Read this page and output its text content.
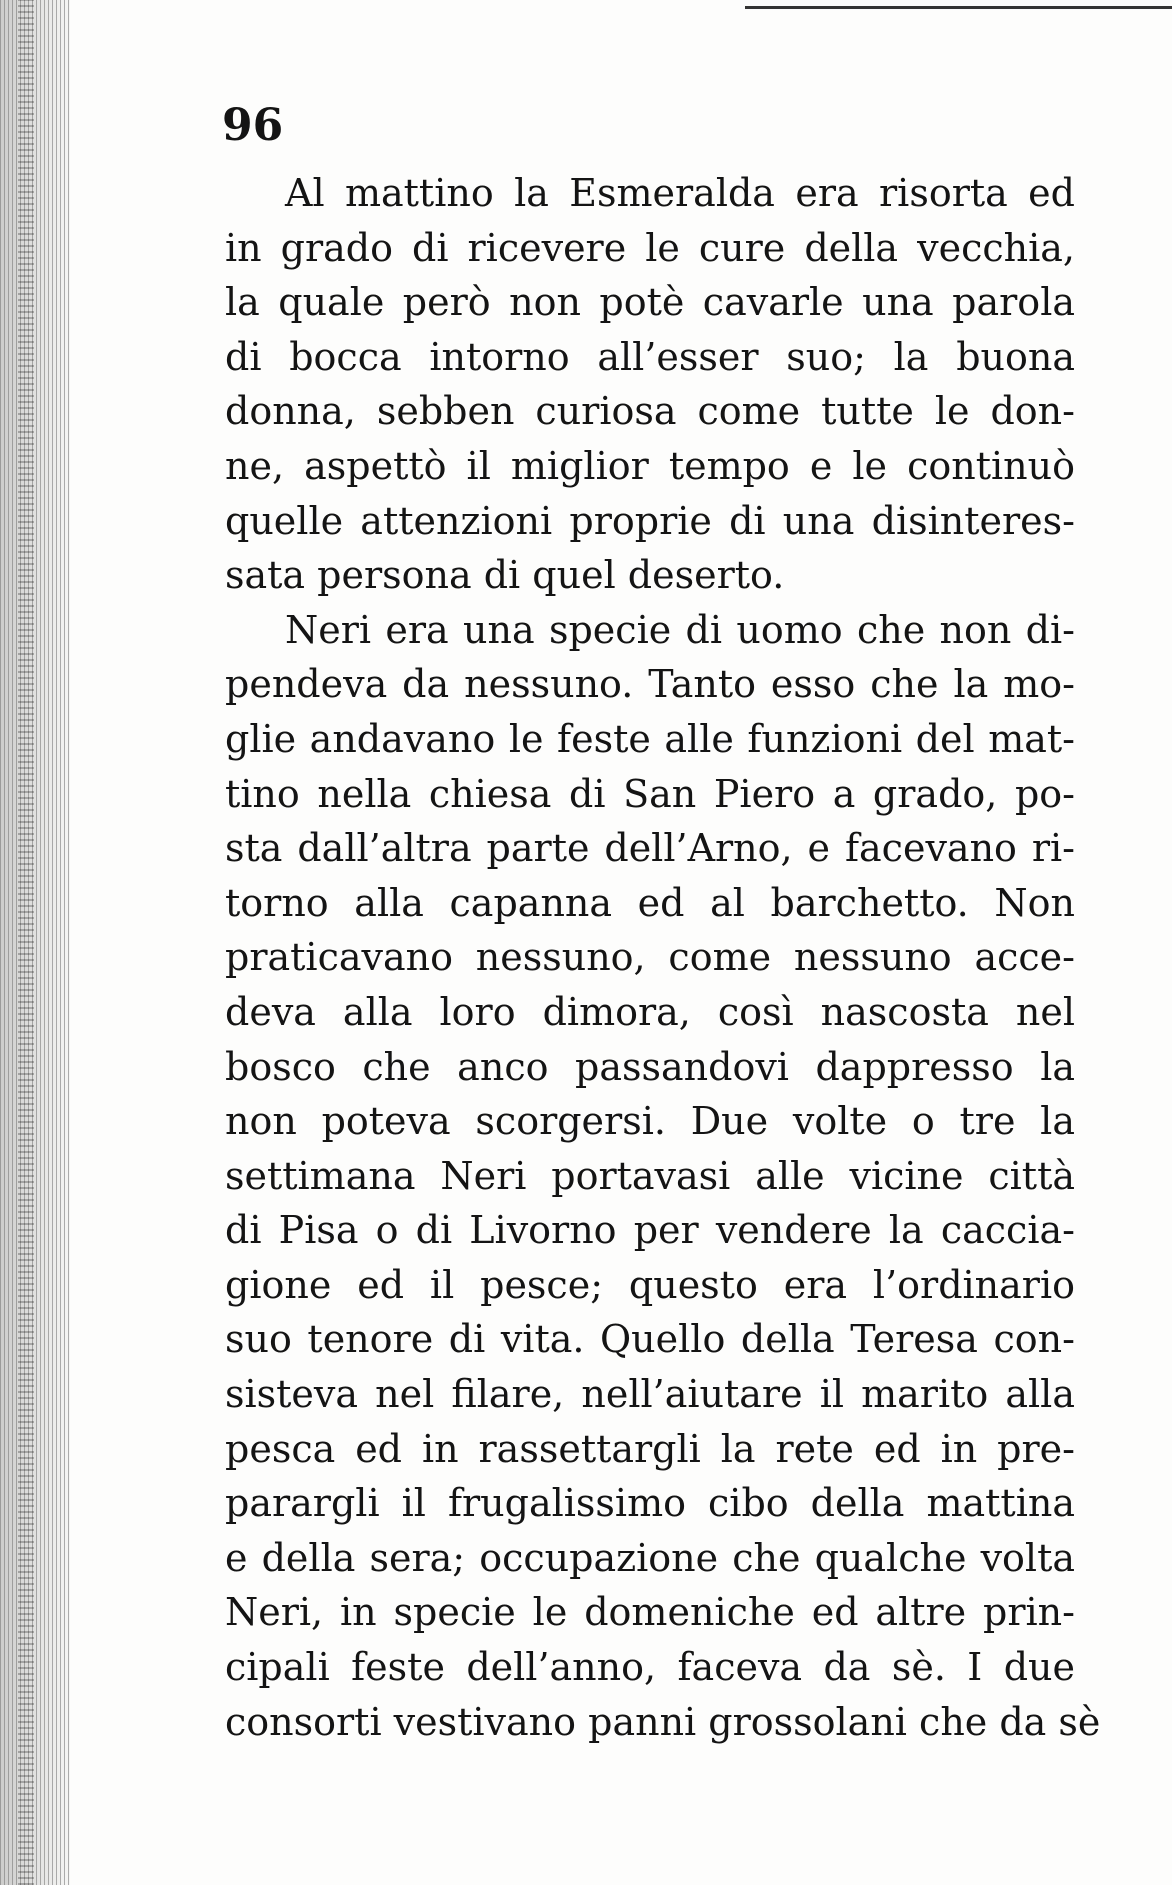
96

Al mattino la Esmeralda era risorta ed
in grado di ricevere le cure della vecchia,
la quale però non potè cavarle una parola
di bocca intorno all’esser suo; la buona
donna, sebben curiosa come tutte le don-
ne, aspettò il miglior tempo e le continuò
quelle attenzioni proprie di una disinteres-
sata persona di quel deserto.
Neri era una specie di uomo che non di-
pendeva da nessuno. Tanto esso che la mo-
glie andavano le feste alle funzioni del mat-
tino nella chiesa di San Piero a grado, po-
sta dall’altra parte dell’Arno, e facevano ri-
torno alla capanna ed al barchetto. Non
praticavano nessuno, come nessuno acce-
deva alla loro dimora, così nascosta nel
bosco che anco passandovi dappresso la
non poteva scorgersi. Due volte o tre la
settimana Neri portavasi alle vicine città
di Pisa o di Livorno per vendere la caccia-
gione ed il pesce; questo era l’ordinario
suo tenore di vita. Quello della Teresa con-
sisteva nel filare, nell’aiutare il marito alla
pesca ed in rassettargli la rete ed in pre-
parargli il frugalissimo cibo della mattina
e della sera; occupazione che qualche volta
Neri, in specie le domeniche ed altre prin-
cipali feste dell’anno, faceva da sè. I due
consorti vestivano panni grossolani che da sè
